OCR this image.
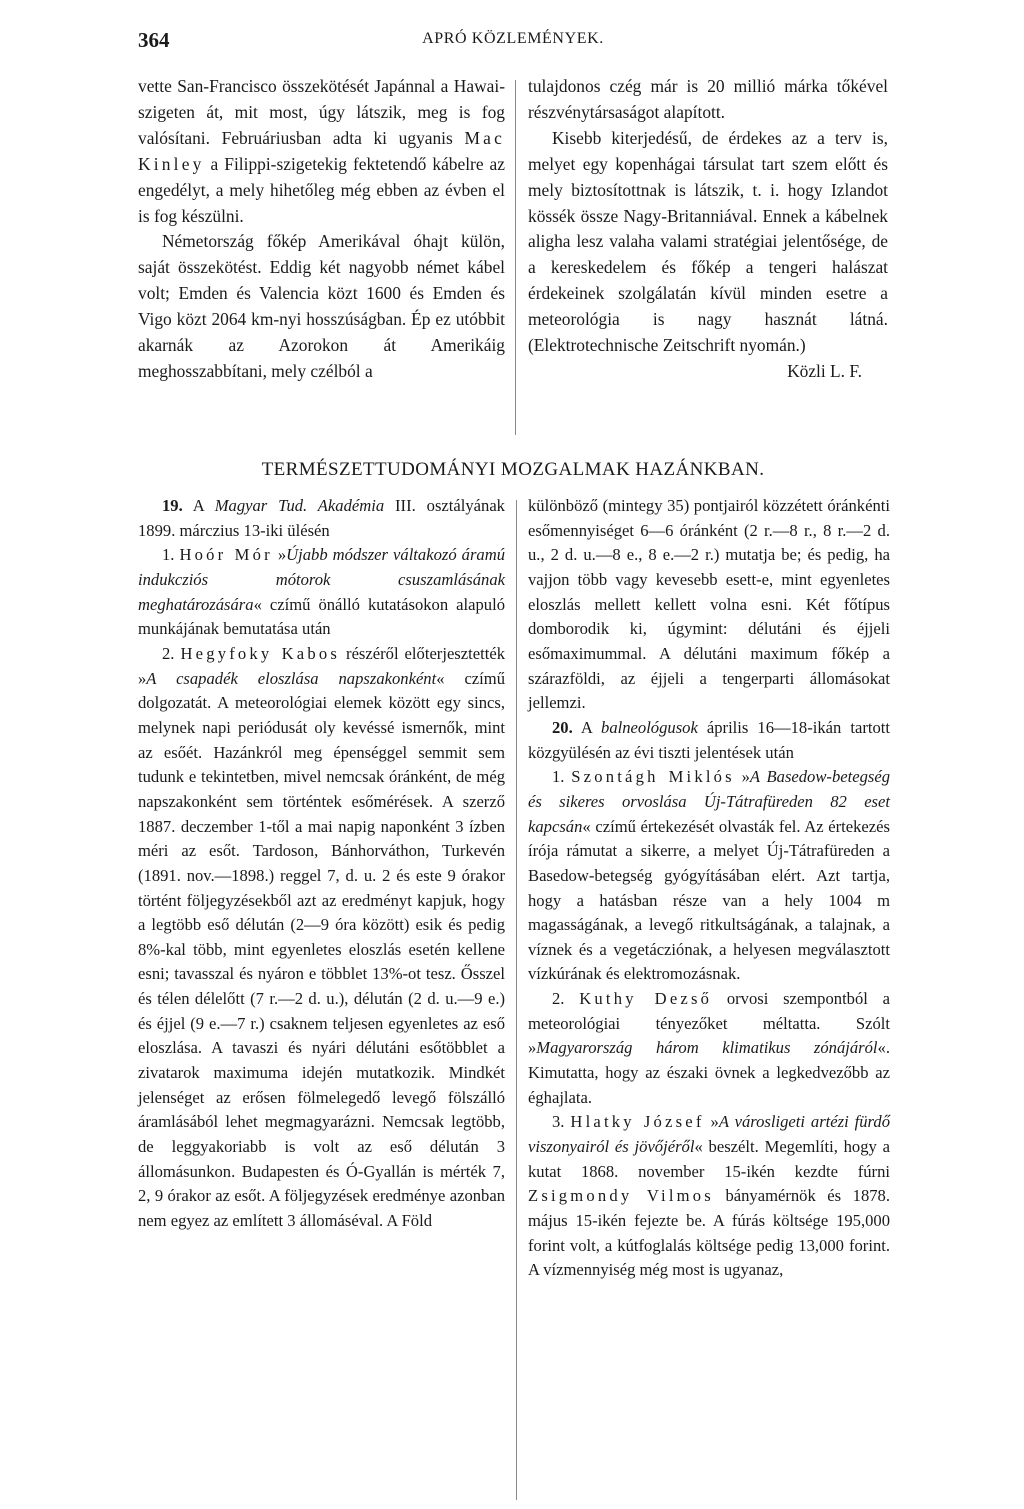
364	APRÓ KÖZLEMÉNYEK.

vette San-Francisco összekötését Japánnal a Hawai-szigeten át, mit most, úgy látszik, meg is fog valósítani. Februáriusban adta ki ugyanis Mac Kinley a Filippi-szigetekig fektetendő kábelre az engedélyt, a mely hihetőleg még ebben az évben el is fog készülni.

Németország főkép Amerikával óhajt külön, saját összekötést. Eddig két nagyobb német kábel volt; Emden és Valencia közt 1600 és Emden és Vigo közt 2064 km-nyi hosszúságban. Ép ez utóbbit akarnák az Azorokon át Amerikáig meghosszabbítani, mely czélból a

tulajdonos czég már is 20 millió márka tőkével részvénytársaságot alapított.

Kisebb kiterjedésű, de érdekes az a terv is, melyet egy kopenhágai társulat tart szem előtt és mely biztosítottnak is látszik, t. i. hogy Izlandot kössék össze Nagy-Britanniával. Ennek a kábelnek aligha lesz valaha valami stratégiai jelentősége, de a kereskedelem és főkép a tengeri halászat érdekeinek szolgálatán kívül minden esetre a meteorológia is nagy hasznát látná. (Elektrotechnische Zeitschrift nyomán.)

Közli L. F.

TERMÉSZETTUDOMÁNYI MOZGALMAK HAZÁNKBAN.

19. A Magyar Tud. Akadémia III. osztályának 1899. márczius 13-iki ülésén

1. Hoór Mór »Újabb módszer váltakozó áramú indukcziós mótorok csuszamlásának meghatározására« czímű önálló kutatásokon alapuló munkájának bemutatása után

2. Hegyfoky Kabos részéről előterjesztették »A csapadék eloszlása napszakonként« czímű dolgozatát. A meteorológiai elemek között egy sincs, melynek napi periódusát oly kevéssé ismernők, mint az esőét. Hazánkról meg épenséggel semmit sem tudunk e tekintetben, mivel nemcsak óránként, de még napszakonként sem történtek esőmérések. A szerző 1887. deczember 1-től a mai napig naponként 3 ízben méri az esőt. Tardoson, Bánhorváthon, Turkevén (1891. nov.—1898.) reggel 7, d. u. 2 és este 9 órakor történt följegyzésekből azt az eredményt kapjuk, hogy a legtöbb eső délután (2—9 óra között) esik és pedig 8%-kal több, mint egyenletes eloszlás esetén kellene esni; tavasszal és nyáron e többlet 13%-ot tesz. Ősszel és télen délelőtt (7 r.—2 d. u.), délután (2 d. u.—9 e.) és éjjel (9 e.—7 r.) csaknem teljesen egyenletes az eső eloszlása. A tavaszi és nyári délutáni esőtöbblet a zivatarok maximuma idején mutatkozik. Mindkét jelenséget az erősen fölmelegedő levegő fölszálló áramlásából lehet megmagyarázni. Nemcsak legtöbb, de leggyakoriabb is volt az eső délután 3 állomásunkon. Budapesten és Ó-Gyallán is mérték 7, 2, 9 órakor az esőt. A följegyzések eredménye azonban nem egyez az említett 3 állomáséval. A Föld

különböző (mintegy 35) pontjairól közzétett óránkénti esőmennyiséget 6—6 óránként (2 r.—8 r., 8 r.—2 d. u., 2 d. u.—8 e., 8 e.—2 r.) mutatja be; és pedig, ha vajjon több vagy kevesebb esett-e, mint egyenletes eloszlás mellett kellett volna esni. Két főtípus domborodik ki, úgymint: délutáni és éjjeli esőmaximummal. A délutáni maximum főkép a szárazföldi, az éjjeli a tengerparti állomásokat jellemzi.

20. A balneológusok április 16—18-ikán tartott közgyülésén az évi tiszti jelentések után

1. Szontágh Miklós »A Basedow-betegség és sikeres orvoslása Új-Tátrafüreden 82 eset kapcsán« czímű értekezését olvasták fel. Az értekezés írója rámutat a sikerre, a melyet Új-Tátrafüreden a Basedow-betegség gyógyításában elért. Azt tartja, hogy a hatásban része van a hely 1004 m magasságának, a levegő ritkultságának, a talajnak, a víznek és a vegetácziónak, a helyesen megválasztott vízkúrának és elektromozásnak.

2. Kuthy Dezső orvosi szempontból a meteorológiai tényezőket méltatta. Szólt »Magyarország három klimatikus zónájáról«. Kimutatta, hogy az északi övnek a legkedvezőbb az éghajlata.

3. Hlatky József »A városligeti artézi fürdő viszonyairól és jövőjéről« beszélt. Megemlíti, hogy a kutat 1868. november 15-ikén kezdte fúrni Zsigmondy Vilmos bányamérnök és 1878. május 15-ikén fejezte be. A fúrás költsége 195,000 forint volt, a kútfoglalás költsége pedig 13,000 forint. A vízmennyiség még most is ugyanaz,
